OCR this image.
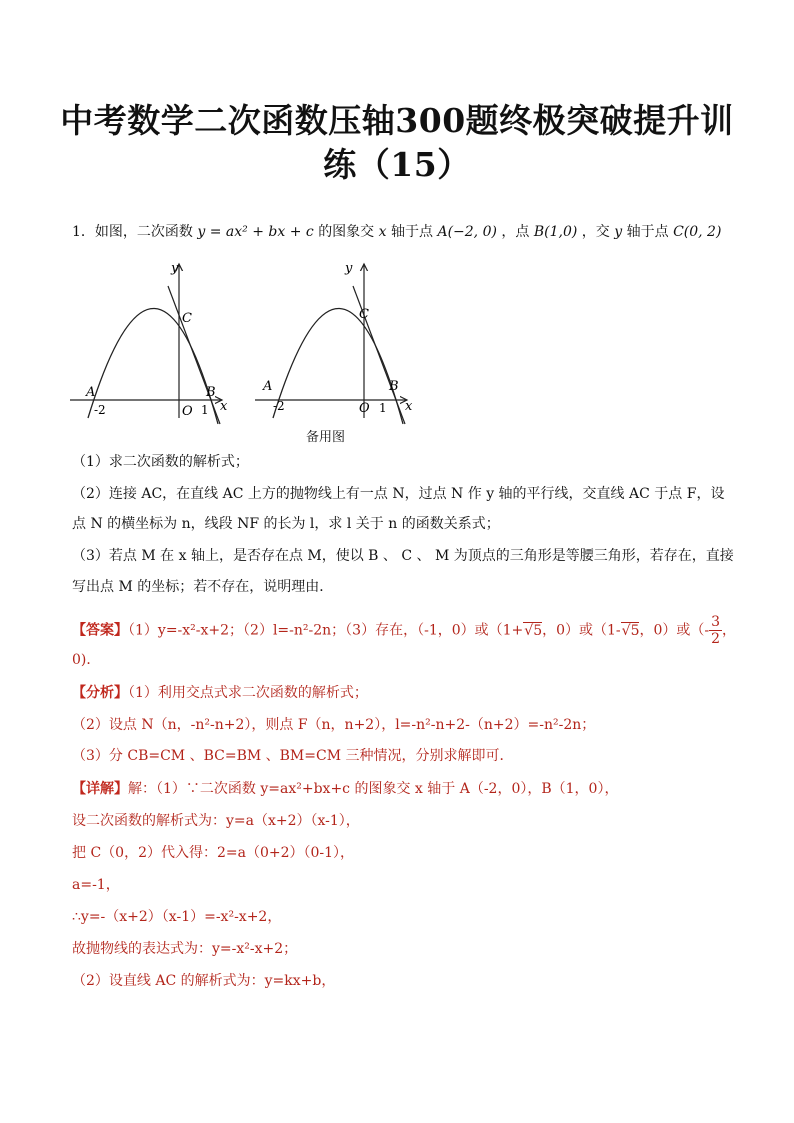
中考数学二次函数压轴300题终极突破提升训
练（15）
1．如图，二次函数 y = ax² + bx + c 的图象交 x 轴于点 A(−2, 0) ，点 B(1,0) ，交 y 轴于点 C(0, 2)
y
x
A	B
C
O
-2	1
y
x
A	B
C
O
-2	1
备用图
（1）求二次函数的解析式；
（2）连接 AC，在直线 AC 上方的抛物线上有一点 N，过点 N 作 y 轴的平行线，交直线 AC 于点 F，设
点 N 的横坐标为 n，线段 NF 的长为 l，求 l 关于 n 的函数关系式；
（3）若点 M 在 x 轴上，是否存在点 M，使以 B 、 C 、 M 为顶点的三角形是等腰三角形，若存在，直接
写出点 M 的坐标；若不存在，说明理由．
【答案】（1）y=-x²-x+2；（2）l=-n²-2n；（3）存在，（-1，0）或（1+√5，0）或（1-√5，0）或（- $\frac{3}{2}$ ，
0)．
【分析】（1）利用交点式求二次函数的解析式；
（2）设点 N（n，-n²-n+2），则点 F（n，n+2），l=-n²-n+2-（n+2）=-n²-2n；
（3）分 CB=CM 、BC=BM 、BM=CM 三种情况，分别求解即可．
【详解】解：（1）∵二次函数 y=ax²+bx+c 的图象交 x 轴于 A（-2，0），B（1，0），
设二次函数的解析式为：y=a（x+2）（x-1），
把 C（0，2）代入得：2=a（0+2）（0-1），
a=-1，
∴y=-（x+2）（x-1）=-x²-x+2，
故抛物线的表达式为：y=-x²-x+2；
（2）设直线 AC 的解析式为：y=kx+b，
